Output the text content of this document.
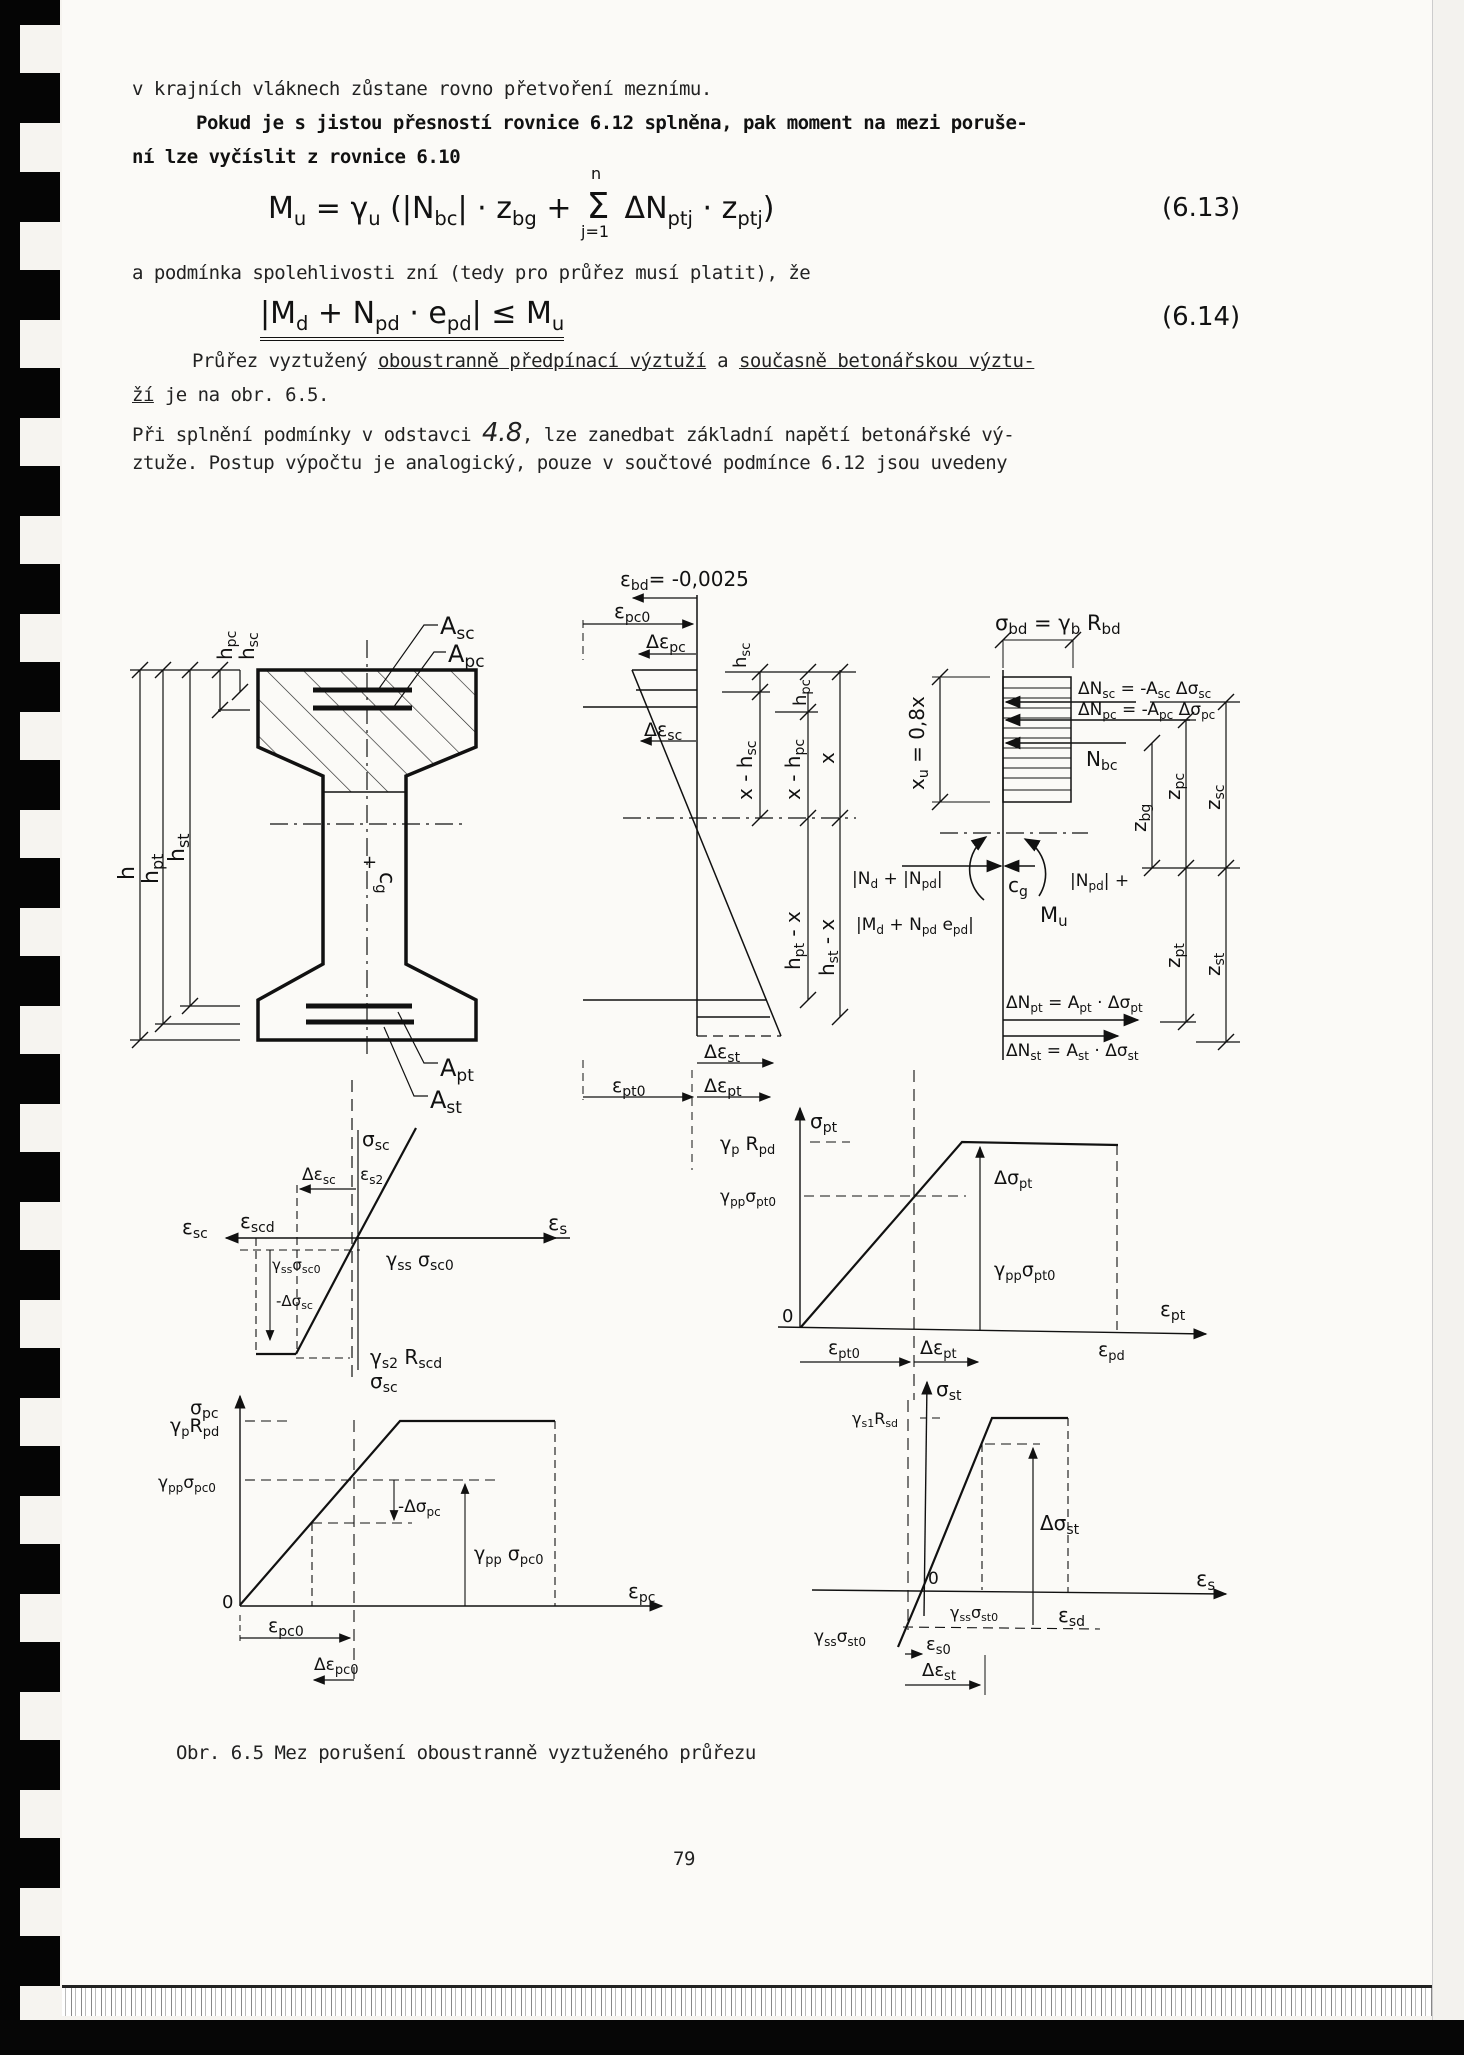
v krajních vláknech zůstane rovno přetvoření meznímu.
Pokud je s jistou přesností rovnice 6.12 splněna, pak moment na mezi poruše-
ní lze vyčíslit z rovnice 6.10
$M_u = \gamma_u$ ($|N_{bc}| \cdot z_{bg}$ +
n
Σ
j=1
$\Delta N_{ptj} \cdot z_{ptj}$)	(6.13)
a podmínka spolehlivosti zní (tedy pro průřez musí platit), že
$|M_d + N_{pd} \cdot e_{pd}| \le M_u$	(6.14)
Průřez vyztužený oboustranně předpínací výztuží a současně betonářskou výztu-
ží je na obr. 6.5.
Při splnění podmínky v odstavci 4.8, lze zanedbat základní napětí betonářské vý-
ztuže. Postup výpočtu je analogický, pouze v součtové podmínce 6.12 jsou uvedeny
$A_{sc}$
$A_{pc}$
$A_{pt}$
$A_{st}$
h $h_{pt}$
$h_{st}$
$h_{pc}$
$h_{sc}$
+
cg
$\varepsilon_{bd}= -0,0025$
$\varepsilon_{pc0}$
$\Delta\varepsilon_{pc}$
$\Delta\varepsilon_{sc}$
$h_{sc}$
$h_{pc}$
x - $h_{sc}$
x - $h_{pc}$
x
$h_{pt}$ - x
$h_{st}$ - x
$\Delta\varepsilon_{st}$
$\Delta\varepsilon_{pt}$
$\varepsilon_{pt0}$
σbd = γb Rbd
$x_u = 0,8x$
$\Delta N_{sc} = -A_{sc}$ $\Delta\sigma_{sc}$
$\Delta N_{pc} = -A_{pc}$ $\Delta\sigma_{pc}$
$N_{bc}$
$z_{bg}$
$z_{pc}$
$z_{sc}$
$|N_d + |N_{pd}|$
$|M_d + N_{pd}$ $e_{pd}|$
$c_g$
$|N_{pd}|$ +
Mu
$z_{pt}$
$z_{st}$
$\Delta N_{pt} = A_{pt} \cdot \Delta\sigma_{pt}$
$\Delta N_{st} = A_{st} \cdot \Delta\sigma_{st}$
$\sigma_{sc}$
$\Delta\varepsilon_{sc}$ $\varepsilon_{s2}$
$\varepsilon_{sc}$
$\varepsilon_{scd}$	εs
$\gamma_{ss}\sigma_{sc0}$	$\gamma_{ss}$ $\sigma_{sc0}$
$-\Delta\sigma_{sc}$
$\gamma_{s2}$ $R_{scd}$
$\sigma_{sc}$
$\sigma_{pc}$
$\gamma_pR_{pd}$
$\gamma_{pp}\sigma_{pc0}$
0
$\varepsilon_{pc0}$
$\Delta\varepsilon_{pc0}$
$-\Delta\sigma_{pc}$
$\gamma_{pp}$ $\sigma_{pc0}$
$\varepsilon_{pc}$
$\sigma_{pt}$
$\gamma_p$ $R_{pd}$
$\gamma_{pp}\sigma_{pt0}$
$\Delta\sigma_{pt}$
$\gamma_{pp}\sigma_{pt0}$
0	$\varepsilon_{pt}$
$\varepsilon_{pt0}$	$\Delta\varepsilon_{pt}$	$\varepsilon_{pd}$
$\sigma_{st}$
γs1Rsd
$\Delta\sigma_{st}$
0	εs
γssσst0	$\varepsilon_{sd}$
$\gamma_{ss}\sigma_{st0}$	$\varepsilon_{s0}$
$\Delta\varepsilon_{st}$
Obr. 6.5 Mez porušení oboustranně vyztuženého průřezu
79
